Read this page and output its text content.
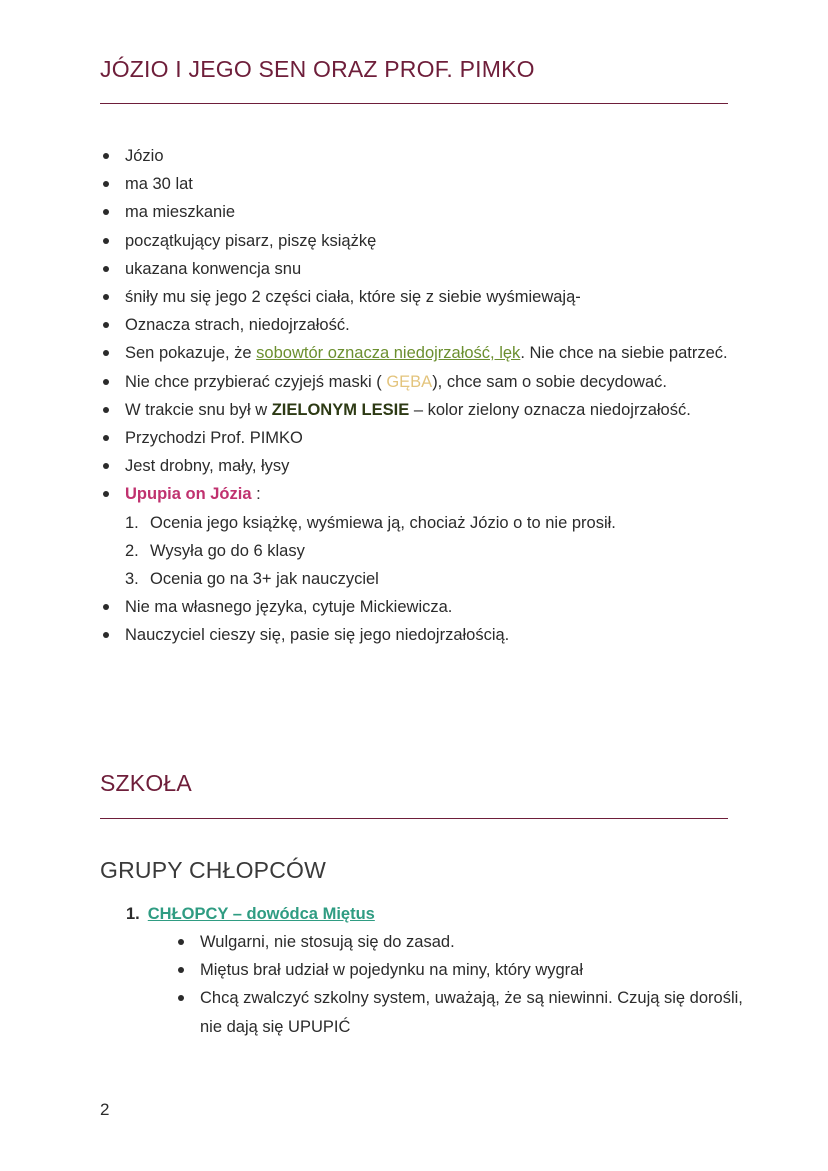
JÓZIO I JEGO SEN ORAZ PROF. PIMKO
Józio
ma 30 lat
ma mieszkanie
początkujący pisarz, piszę książkę
ukazana konwencja snu
śniły mu się jego 2 części ciała, które się z siebie wyśmiewają-
Oznacza strach, niedojrzałość.
Sen pokazuje, że sobowtór oznacza niedojrzałość, lęk. Nie chce na siebie patrzeć.
Nie chce przybierać czyjejś maski ( GĘBA), chce sam o sobie decydować.
W trakcie snu był w ZIELONYM LESIE – kolor zielony oznacza niedojrzałość.
Przychodzi Prof. PIMKO
Jest drobny, mały, łysy
Upupia on Józia :
1. Ocenia jego książkę, wyśmiewa ją, chociaż Józio o to nie prosił.
2. Wysyła go do 6 klasy
3. Ocenia go na 3+ jak nauczyciel
Nie ma własnego języka, cytuje Mickiewicza.
Nauczyciel cieszy się, pasie się jego niedojrzałością.
SZKOŁA
GRUPY CHŁOPCÓW
1. CHŁOPCY – dowódca Miętus
Wulgarni, nie stosują się do zasad.
Miętus brał udział w pojedynku na miny, który wygrał
Chcą zwalczyć szkolny system, uważają, że są niewinni. Czują się dorośli, nie dają się UPUPIĆ
2
